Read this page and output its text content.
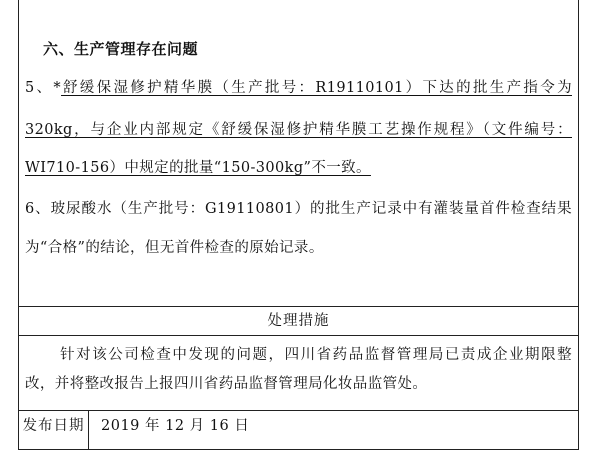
六、生产管理存在问题
5、*舒缓保湿修护精华膜（生产批号：R19110101）下达的批生产指令为
320kg，与企业内部规定《舒缓保湿修护精华膜工艺操作规程》（文件编号：
WI710-156）中规定的批量“150-300kg”不一致。
6、玻尿酸水（生产批号：G19110801）的批生产记录中有灌装量首件检查结果
为“合格”的结论，但无首件检查的原始记录。
处理措施
针对该公司检查中发现的问题，四川省药品监督管理局已责成企业期限整
改，并将整改报告上报四川省药品监督管理局化妆品监管处。
发布日期	2019 年 12 月 16 日
